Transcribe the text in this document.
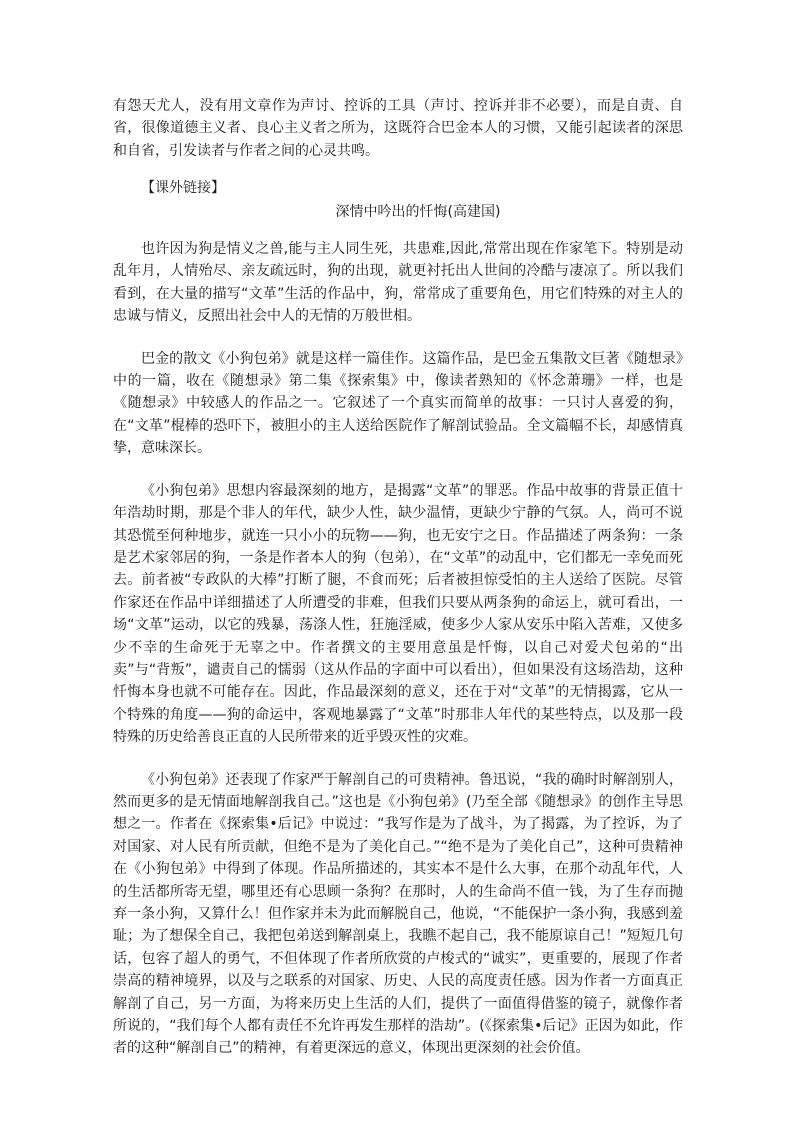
有怨天尤人，没有用文章作为声讨、控诉的工具（声讨、控诉并非不必要），而是自责、自省，很像道德主义者、良心主义者之所为，这既符合巴金本人的习惯，又能引起读者的深思和自省，引发读者与作者之间的心灵共鸣。

【课外链接】

深情中吟出的忏悔(高建国)

也许因为狗是情义之兽,能与主人同生死，共患难,因此,常常出现在作家笔下。特别是动乱年月，人情殆尽、亲友疏远时，狗的出现，就更衬托出人世间的冷酷与凄凉了。所以我们看到，在大量的描写“文革”生活的作品中，狗，常常成了重要角色，用它们特殊的对主人的忠诚与情义，反照出社会中人的无情的万般世相。

巴金的散文《小狗包弟》就是这样一篇佳作。这篇作品，是巴金五集散文巨著《随想录》中的一篇，收在《随想录》第二集《探索集》中，像读者熟知的《怀念萧珊》一样，也是《随想录》中较感人的作品之一。它叙述了一个真实而简单的故事：一只讨人喜爱的狗，在“文革”棍棒的恐吓下，被胆小的主人送给医院作了解剖试验品。全文篇幅不长，却感情真挚，意味深长。

《小狗包弟》思想内容最深刻的地方，是揭露“文革”的罪恶。作品中故事的背景正值十年浩劫时期，那是个非人的年代，缺少人性，缺少温情，更缺少宁静的气氛。人，尚可不说其恐慌至何种地步，就连一只小小的玩物——狗，也无安宁之日。作品描述了两条狗：一条是艺术家邻居的狗，一条是作者本人的狗（包弟），在“文革”的动乱中，它们都无一幸免而死去。前者被“专政队的大棒”打断了腿，不食而死；后者被担惊受怕的主人送给了医院。尽管作家还在作品中详细描述了人所遭受的非难，但我们只要从两条狗的命运上，就可看出，一场“文革”运动，以它的残暴，荡涤人性，狂施淫威，使多少人家从安乐中陷入苦难，又使多少不幸的生命死于无辜之中。作者撰文的主要用意虽是忏悔，以自己对爱犬包弟的“出卖”与“背叛”，谴责自己的懦弱（这从作品的字面中可以看出），但如果没有这场浩劫，这种忏悔本身也就不可能存在。因此，作品最深刻的意义，还在于对“文革”的无情揭露，它从一个特殊的角度——狗的命运中，客观地暴露了“文革”时那非人年代的某些特点，以及那一段特殊的历史给善良正直的人民所带来的近乎毁灭性的灾难。

《小狗包弟》还表现了作家严于解剖自己的可贵精神。鲁迅说，“我的确时时解剖别人，然而更多的是无情面地解剖我自己。”这也是《小狗包弟》(乃至全部《随想录》的创作主导思想之一。作者在《探索集•后记》中说过：“我写作是为了战斗，为了揭露，为了控诉，为了对国家、对人民有所贡献，但绝不是为了美化自己。”“绝不是为了美化自己”，这种可贵精神在《小狗包弟》中得到了体现。作品所描述的，其实本不是什么大事，在那个动乱年代，人的生活都所寄无望，哪里还有心思顾一条狗？在那时，人的生命尚不值一钱，为了生存而抛弃一条小狗，又算什么！但作家并未为此而解脱自己，他说，“不能保护一条小狗，我感到羞耻；为了想保全自己，我把包弟送到解剖桌上，我瞧不起自己，我不能原谅自己！”短短几句话，包容了超人的勇气，不但体现了作者所欣赏的卢梭式的“诚实”，更重要的，展现了作者崇高的精神境界，以及与之联系的对国家、历史、人民的高度责任感。因为作者一方面真正解剖了自己，另一方面，为将来历史上生活的人们，提供了一面值得借鉴的镜子，就像作者所说的，“我们每个人都有责任不允许再发生那样的浩劫”。(《探索集•后记》正因为如此，作者的这种“解剖自己”的精神，有着更深远的意义，体现出更深刻的社会价值。
